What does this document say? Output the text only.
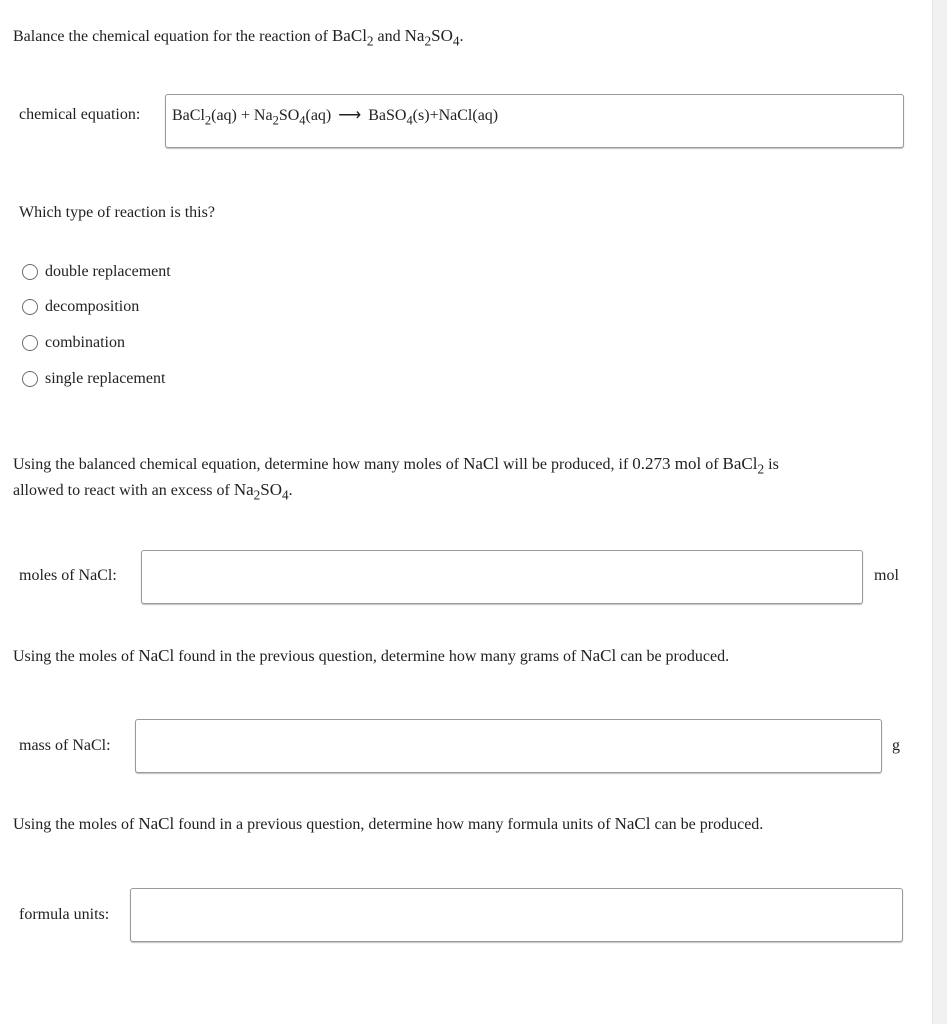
Balance the chemical equation for the reaction of BaCl$_2$ and $Na_2SO_4$.
chemical equation: BaCl$_2$(aq) + $Na_2SO_4(aq)$ ⟶ BaSO$_4$(s)+NaCl(aq)
Which type of reaction is this?
double replacement
decomposition
combination
single replacement
Using the balanced chemical equation, determine how many moles of NaCl will be produced, if 0.273 mol of BaCl$_2$ is
allowed to react with an excess of $Na_2SO_4$.
moles of NaCl:	mol
Using the moles of NaCl found in the previous question, determine how many grams of NaCl can be produced.
mass of NaCl:	g
Using the moles of NaCl found in a previous question, determine how many formula units of NaCl can be produced.
formula units:
